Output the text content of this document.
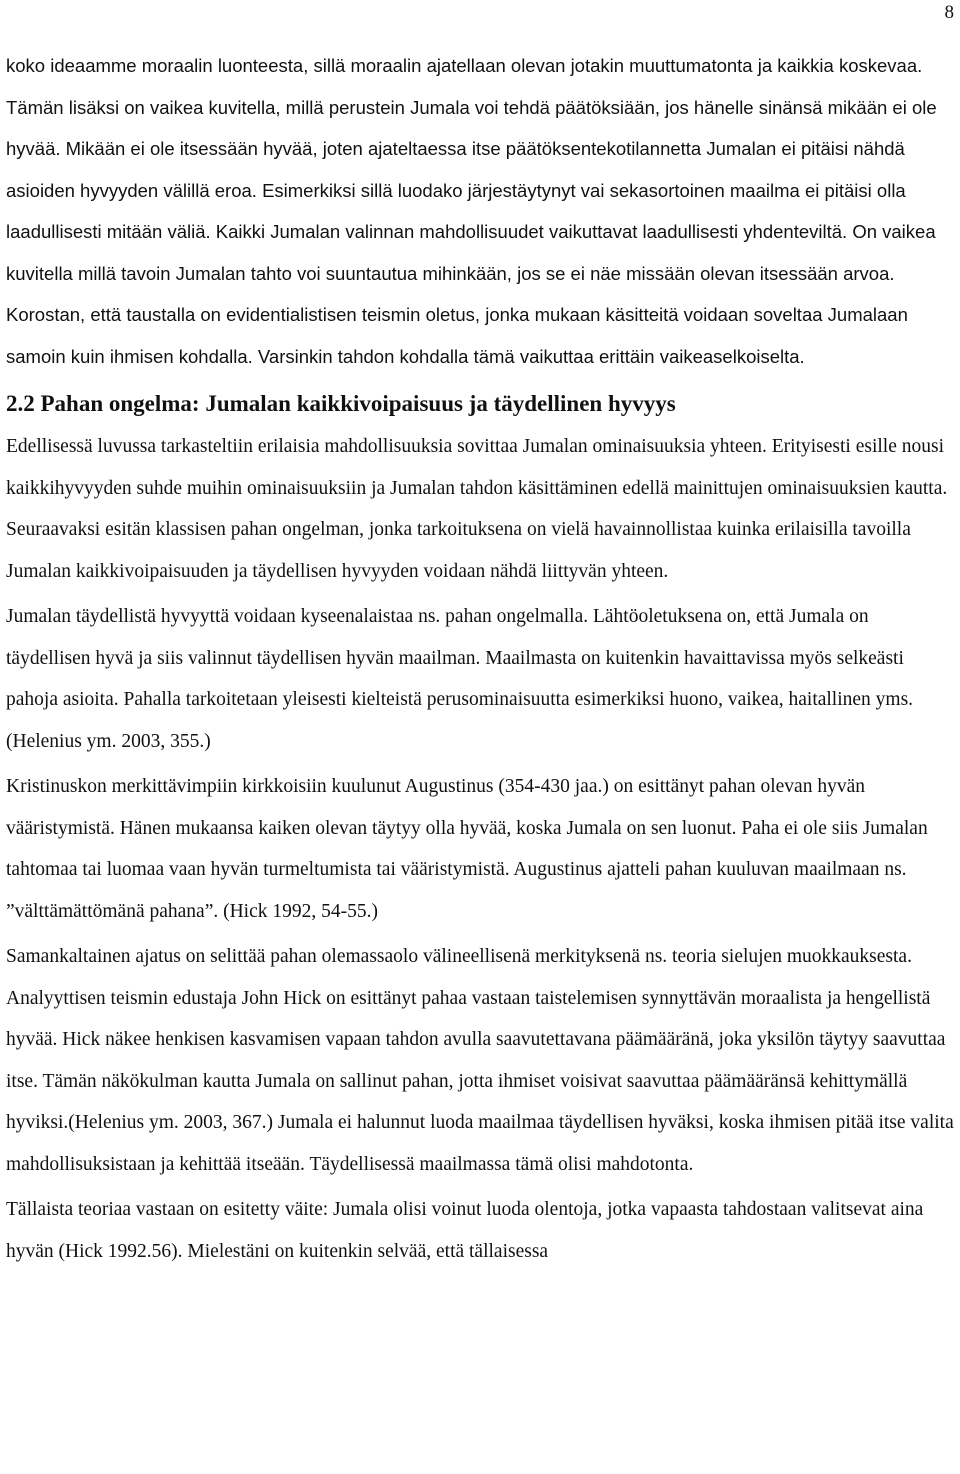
8

koko ideaamme moraalin luonteesta, sillä moraalin ajatellaan olevan jotakin muuttumatonta ja kaikkia koskevaa. Tämän lisäksi on vaikea kuvitella, millä perustein Jumala voi tehdä päätöksiään, jos hänelle sinänsä mikään ei ole hyvää. Mikään ei ole itsessään hyvää, joten ajateltaessa itse päätöksentekotilannetta Jumalan ei pitäisi nähdä asioiden hyvyyden välillä eroa. Esimerkiksi sillä luodako järjestäytynyt vai sekasortoinen maailma ei pitäisi olla laadullisesti mitään väliä. Kaikki Jumalan valinnan mahdollisuudet vaikuttavat laadullisesti yhdenteviltä. On vaikea kuvitella millä tavoin Jumalan tahto voi suuntautua mihinkään, jos se ei näe missään olevan itsessään arvoa. Korostan, että taustalla on evidentialistisen teismin oletus, jonka mukaan käsitteitä voidaan soveltaa Jumalaan samoin kuin ihmisen kohdalla. Varsinkin tahdon kohdalla tämä vaikuttaa erittäin vaikeaselkoiselta.

2.2 Pahan ongelma: Jumalan kaikkivoipaisuus ja täydellinen hyvyys

Edellisessä luvussa tarkasteltiin erilaisia mahdollisuuksia sovittaa Jumalan ominaisuuksia yhteen. Erityisesti esille nousi kaikkihyvyyden suhde muihin ominaisuuksiin ja Jumalan tahdon käsittäminen edellä mainittujen ominaisuuksien kautta. Seuraavaksi esitän klassisen pahan ongelman, jonka tarkoituksena on vielä havainnollistaa kuinka erilaisilla tavoilla Jumalan kaikkivoipaisuuden ja täydellisen hyvyyden voidaan nähdä liittyvän yhteen.

Jumalan täydellistä hyvyyttä voidaan kyseenalaistaa ns. pahan ongelmalla. Lähtöoletuksena on, että Jumala on täydellisen hyvä ja siis valinnut täydellisen hyvän maailman. Maailmasta on kuitenkin havaittavissa myös selkeästi pahoja asioita. Pahalla tarkoitetaan yleisesti kielteistä perusominaisuutta esimerkiksi huono, vaikea, haitallinen yms. (Helenius ym. 2003, 355.)

Kristinuskon merkittävimpiin kirkkoisiin kuulunut Augustinus (354-430 jaa.) on esittänyt pahan olevan hyvän vääristymistä. Hänen mukaansa kaiken olevan täytyy olla hyvää, koska Jumala on sen luonut. Paha ei ole siis Jumalan tahtomaa tai luomaa vaan hyvän turmeltumista tai vääristymistä. Augustinus ajatteli pahan kuuluvan maailmaan ns. ”välttämättömänä pahana”. (Hick 1992, 54-55.)

Samankaltainen ajatus on selittää pahan olemassaolo välineellisenä merkityksenä ns. teoria sielujen muokkauksesta. Analyyttisen teismin edustaja John Hick on esittänyt pahaa vastaan taistelemisen synnyttävän moraalista ja hengellistä hyvää. Hick näkee henkisen kasvamisen vapaan tahdon avulla saavutettavana päämääränä, joka yksilön täytyy saavuttaa itse. Tämän näkökulman kautta Jumala on sallinut pahan, jotta ihmiset voisivat saavuttaa päämääränsä kehittymällä hyviksi.(Helenius ym. 2003, 367.) Jumala ei halunnut luoda maailmaa täydellisen hyväksi, koska ihmisen pitää itse valita mahdollisuksistaan ja kehittää itseään. Täydellisessä maailmassa tämä olisi mahdotonta.

Tällaista teoriaa vastaan on esitetty väite: Jumala olisi voinut luoda olentoja, jotka vapaasta tahdostaan valitsevat aina hyvän (Hick 1992.56). Mielestäni on kuitenkin selvää, että tällaisessa
